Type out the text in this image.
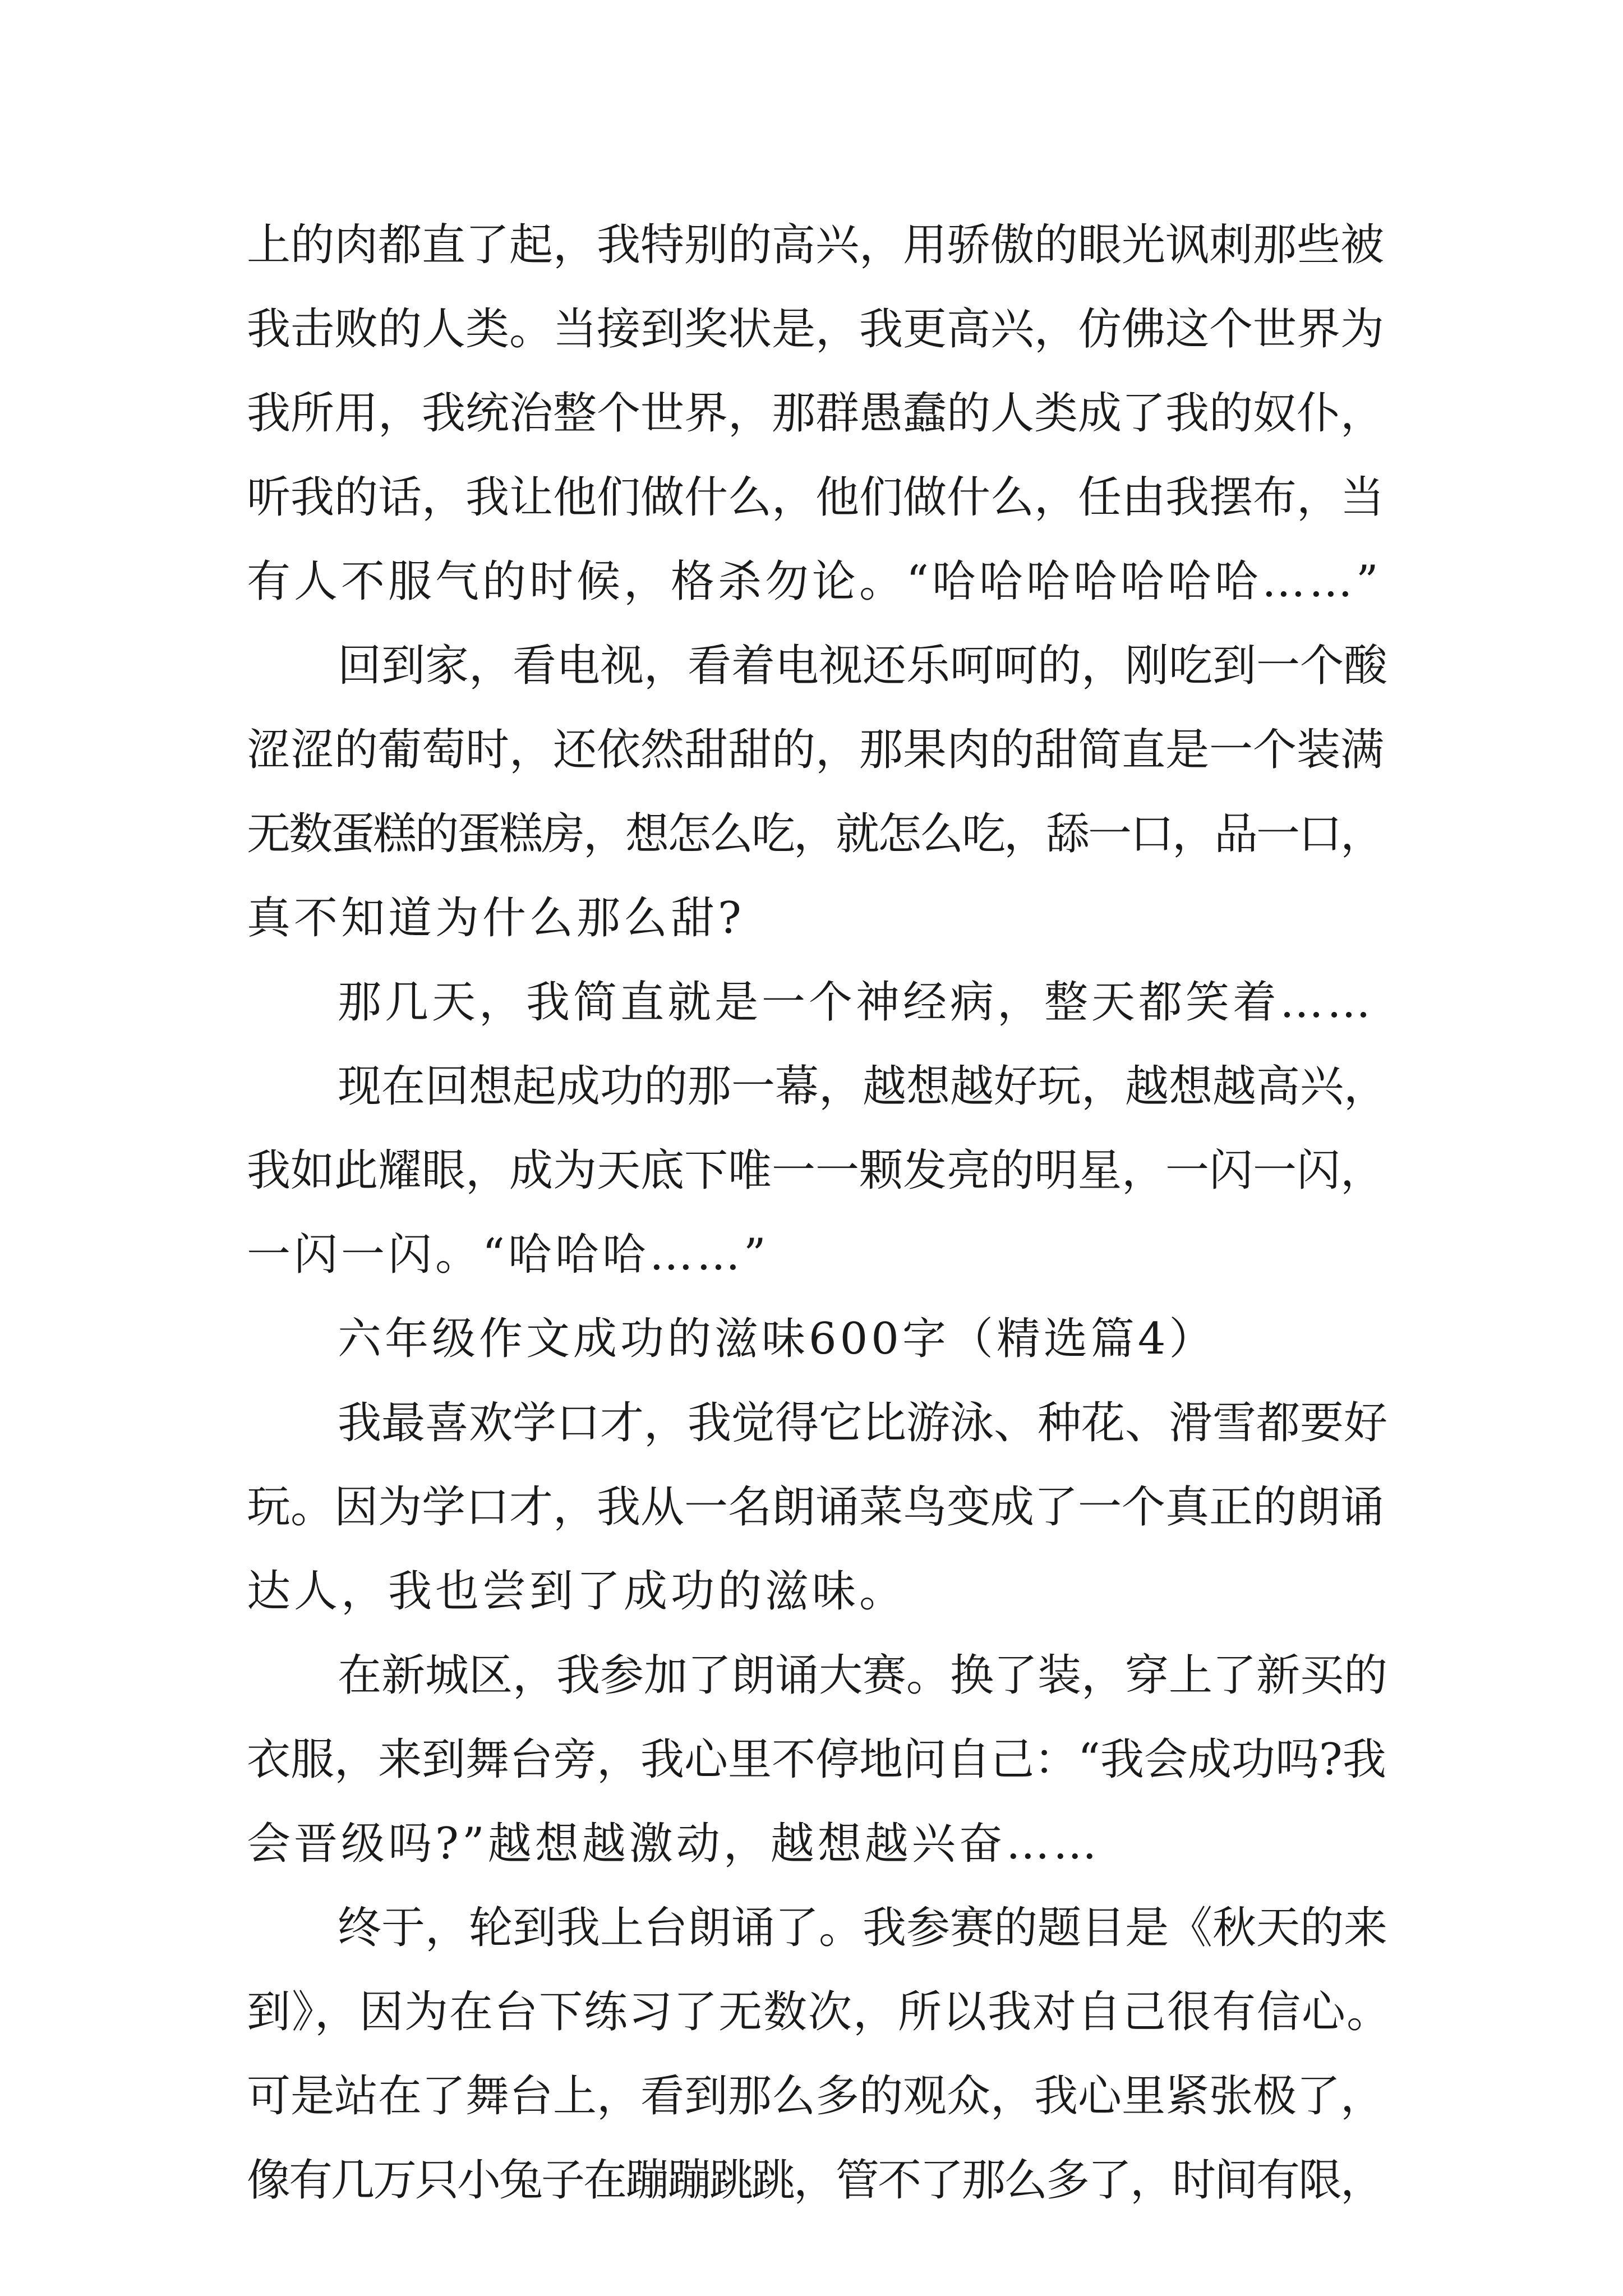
上的肉都直了起，我特别的高兴，用骄傲的眼光讽刺那些被
我击败的人类。当接到奖状是，我更高兴，仿佛这个世界为
我所用，我统治整个世界，那群愚蠢的人类成了我的奴仆，
听我的话，我让他们做什么，他们做什么，任由我摆布，当
有人不服气的时候，格杀勿论。“哈哈哈哈哈哈哈……”
回到家，看电视，看着电视还乐呵呵的，刚吃到一个酸
涩涩的葡萄时，还依然甜甜的，那果肉的甜简直是一个装满
无数蛋糕的蛋糕房，想怎么吃，就怎么吃，舔一口，品一口，
真不知道为什么那么甜?
那几天，我简直就是一个神经病，整天都笑着……
现在回想起成功的那一幕，越想越好玩，越想越高兴，
我如此耀眼，成为天底下唯一一颗发亮的明星，一闪一闪，
一闪一闪。“哈哈哈……”
六年级作文成功的滋味600字（精选篇4）
我最喜欢学口才，我觉得它比游泳、种花、滑雪都要好
玩。因为学口才，我从一名朗诵菜鸟变成了一个真正的朗诵
达人，我也尝到了成功的滋味。
在新城区，我参加了朗诵大赛。换了装，穿上了新买的
衣服，来到舞台旁，我心里不停地问自己：“我会成功吗?我
会晋级吗?”越想越激动，越想越兴奋……
终于，轮到我上台朗诵了。我参赛的题目是《秋天的来
到》，因为在台下练习了无数次，所以我对自己很有信心。
可是站在了舞台上，看到那么多的观众，我心里紧张极了，
像有几万只小兔子在蹦蹦跳跳，管不了那么多了，时间有限，
